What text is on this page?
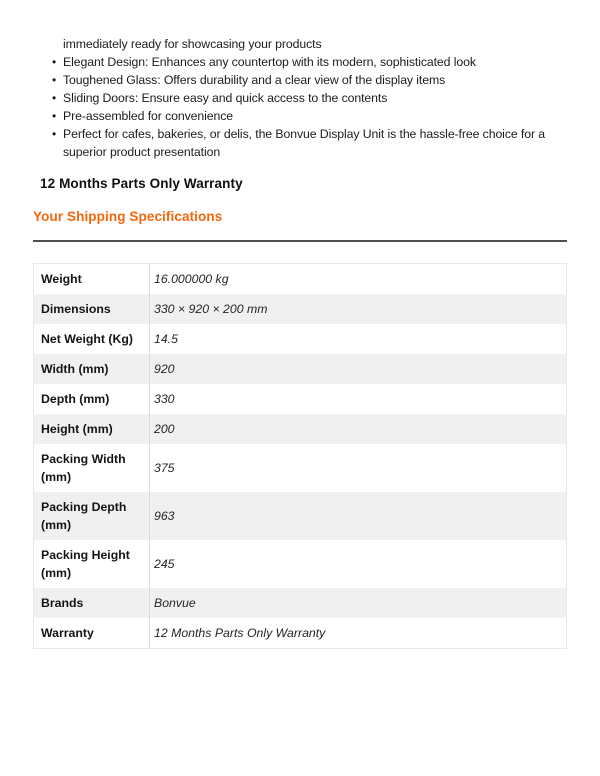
immediately ready for showcasing your products

• Elegant Design: Enhances any countertop with its modern, sophisticated look
• Toughened Glass: Offers durability and a clear view of the display items
• Sliding Doors: Ensure easy and quick access to the contents
• Pre-assembled for convenience
• Perfect for cafes, bakeries, or delis, the Bonvue Display Unit is the hassle-free choice for a superior product presentation
12 Months Parts Only Warranty
Your Shipping Specifications
Weight	16.000000 kg
Dimensions	330 × 920 × 200 mm
Net Weight (Kg)	14.5
Width (mm)	920
Depth (mm)	330
Height (mm)	200
Packing Width (mm)	375
Packing Depth (mm)	963
Packing Height (mm)	245
Brands	Bonvue
Warranty	12 Months Parts Only Warranty
